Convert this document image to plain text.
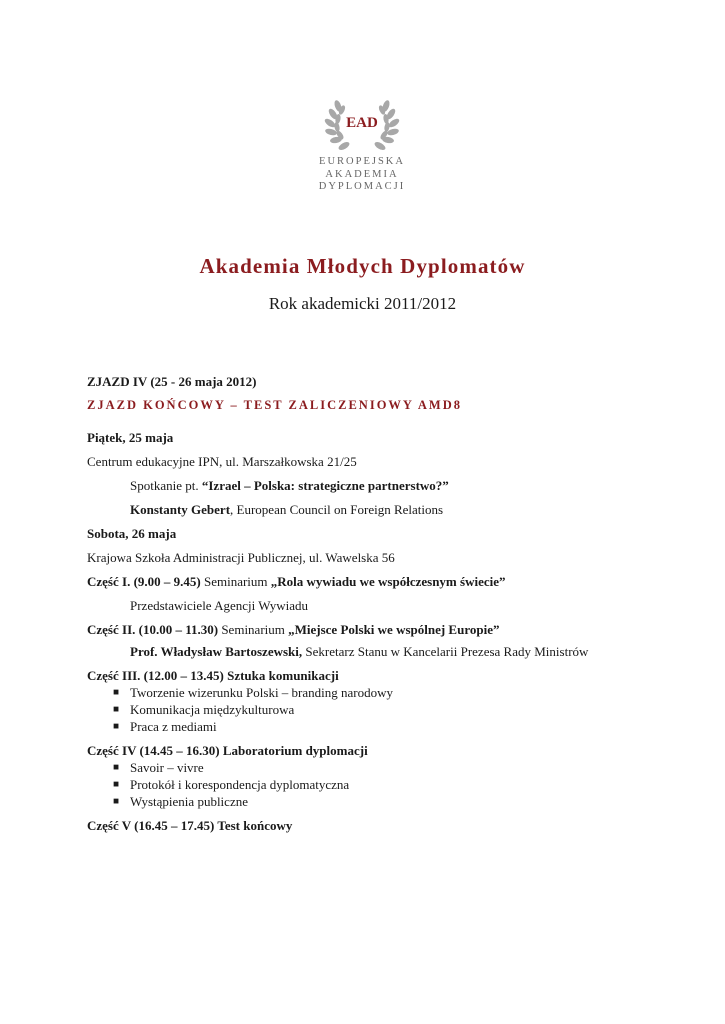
EAD
EUROPEJSKA
AKADEMIA
DYPLOMACJI
Akademia Młodych Dyplomatów
Rok akademicki 2011/2012
ZJAZD IV (25 - 26 maja 2012)
ZJAZD KOŃCOWY – TEST ZALICZENIOWY AMD8
Piątek, 25 maja
Centrum edukacyjne IPN, ul. Marszałkowska 21/25
Spotkanie pt. “Izrael – Polska: strategiczne partnerstwo?”
Konstanty Gebert, European Council on Foreign Relations
Sobota, 26 maja
Krajowa Szkoła Administracji Publicznej, ul. Wawelska 56
Część I. (9.00 – 9.45) Seminarium „Rola wywiadu we współczesnym świecie”
Przedstawiciele Agencji Wywiadu
Część II. (10.00 – 11.30) Seminarium „Miejsce Polski we wspólnej Europie”
Prof. Władysław Bartoszewski, Sekretarz Stanu w Kancelarii Prezesa Rady Ministrów
Część III. (12.00 – 13.45) Sztuka komunikacji
■ Tworzenie wizerunku Polski – branding narodowy
■ Komunikacja międzykulturowa
■ Praca z mediami
Część IV (14.45 – 16.30) Laboratorium dyplomacji
■ Savoir – vivre
■ Protokół i korespondencja dyplomatyczna
■ Wystąpienia publiczne
Część V (16.45 – 17.45) Test końcowy
